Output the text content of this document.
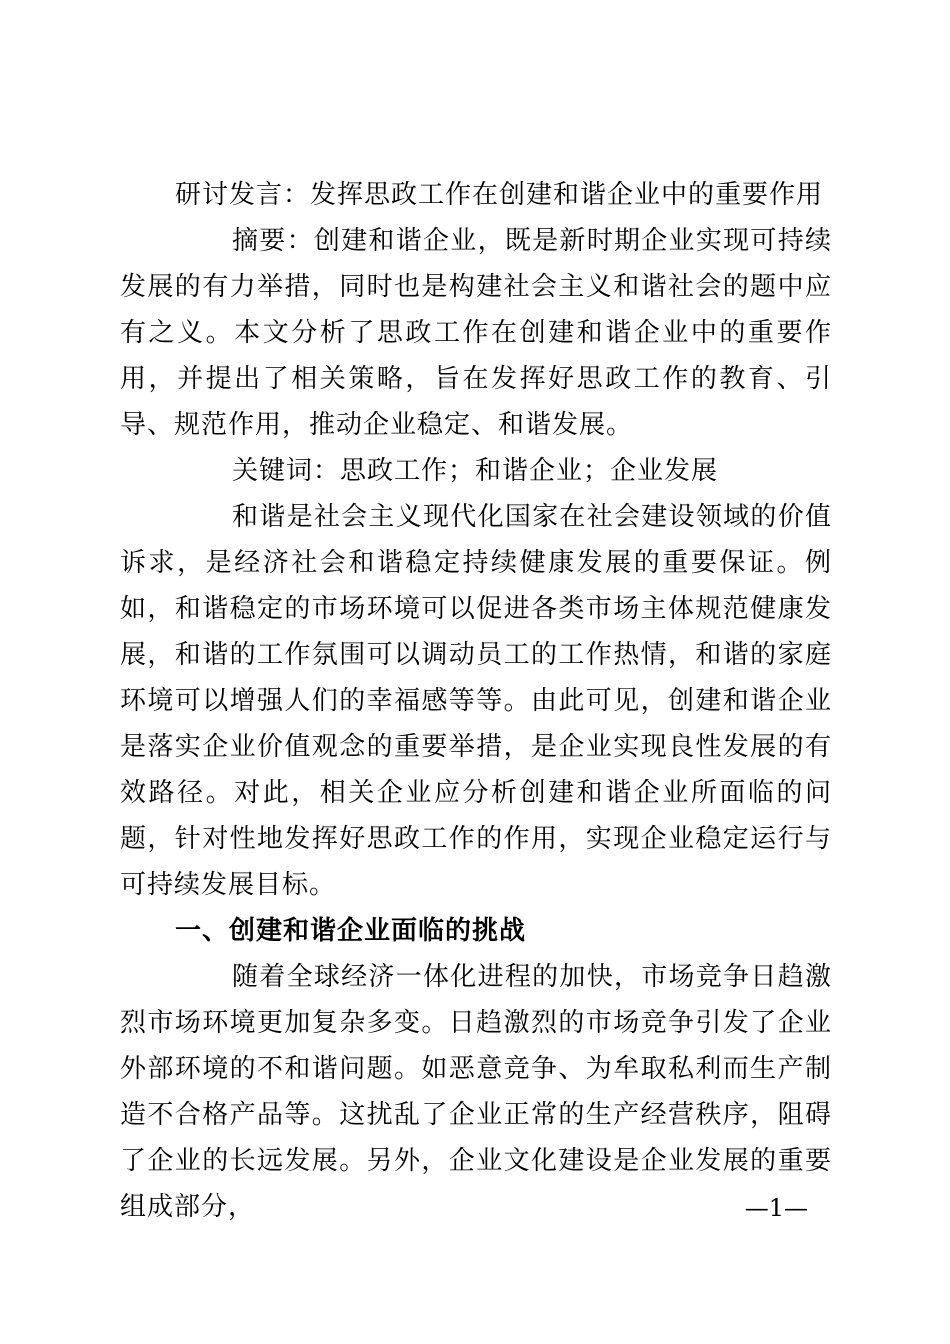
研讨发言：发挥思政工作在创建和谐企业中的重要作用

摘要：创建和谐企业，既是新时期企业实现可持续发展的有力举措，同时也是构建社会主义和谐社会的题中应有之义。本文分析了思政工作在创建和谐企业中的重要作用，并提出了相关策略，旨在发挥好思政工作的教育、引导、规范作用，推动企业稳定、和谐发展。

关键词：思政工作；和谐企业；企业发展

和谐是社会主义现代化国家在社会建设领域的价值诉求，是经济社会和谐稳定持续健康发展的重要保证。例如，和谐稳定的市场环境可以促进各类市场主体规范健康发展，和谐的工作氛围可以调动员工的工作热情，和谐的家庭环境可以增强人们的幸福感等等。由此可见，创建和谐企业是落实企业价值观念的重要举措，是企业实现良性发展的有效路径。对此，相关企业应分析创建和谐企业所面临的问题，针对性地发挥好思政工作的作用，实现企业稳定运行与可持续发展目标。

一、创建和谐企业面临的挑战

随着全球经济一体化进程的加快，市场竞争日趋激烈市场环境更加复杂多变。日趋激烈的市场竞争引发了企业外部环境的不和谐问题。如恶意竞争、为牟取私利而生产制造不合格产品等。这扰乱了企业正常的生产经营秩序，阻碍了企业的长远发展。另外，企业文化建设是企业发展的重要组成部分，	—1—
